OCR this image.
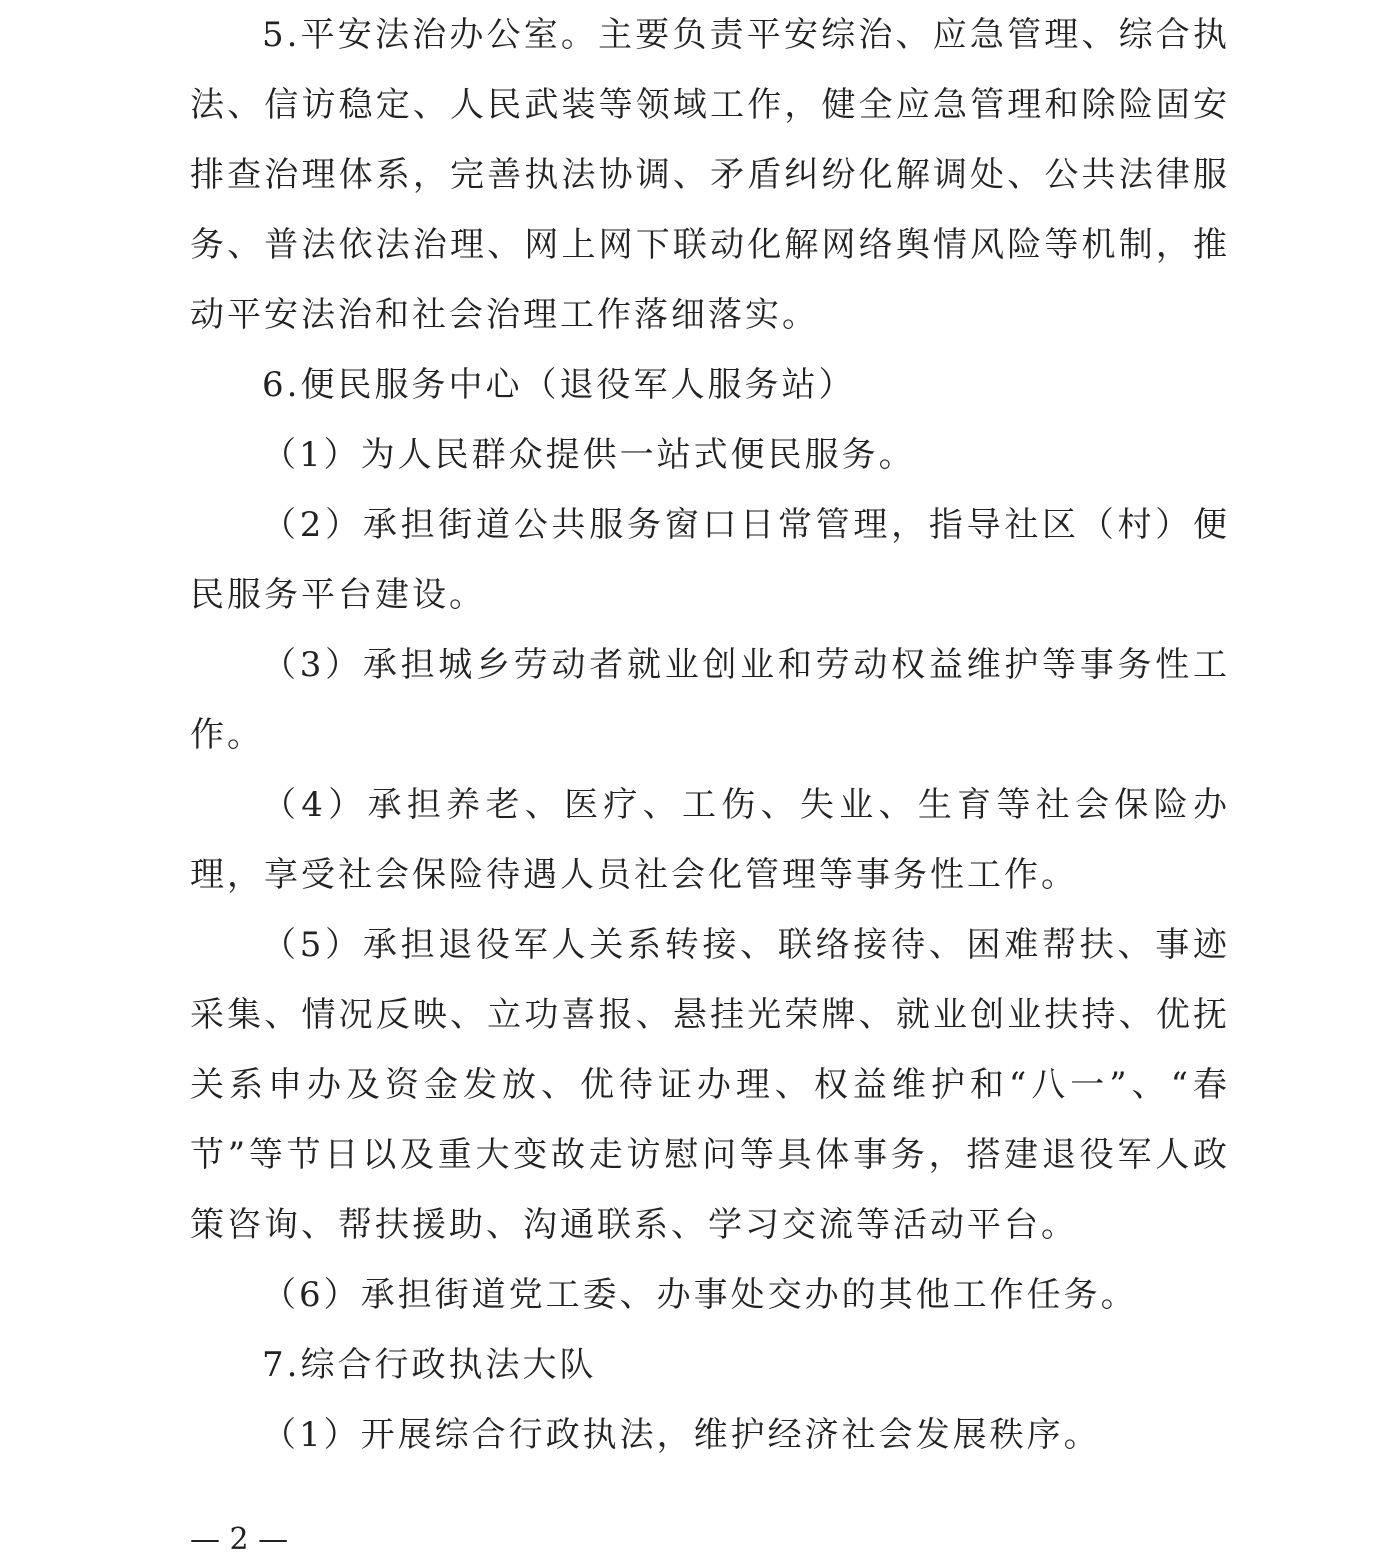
5.平安法治办公室。主要负责平安综治、应急管理、综合执法、信访稳定、人民武装等领域工作，健全应急管理和除险固安排查治理体系，完善执法协调、矛盾纠纷化解调处、公共法律服务、普法依法治理、网上网下联动化解网络舆情风险等机制，推动平安法治和社会治理工作落细落实。

6.便民服务中心（退役军人服务站）

（1）为人民群众提供一站式便民服务。

（2）承担街道公共服务窗口日常管理，指导社区（村）便民服务平台建设。

（3）承担城乡劳动者就业创业和劳动权益维护等事务性工作。

（4）承担养老、医疗、工伤、失业、生育等社会保险办理，享受社会保险待遇人员社会化管理等事务性工作。

（5）承担退役军人关系转接、联络接待、困难帮扶、事迹采集、情况反映、立功喜报、悬挂光荣牌、就业创业扶持、优抚关系申办及资金发放、优待证办理、权益维护和“八一”、“春节”等节日以及重大变故走访慰问等具体事务，搭建退役军人政策咨询、帮扶援助、沟通联系、学习交流等活动平台。

（6）承担街道党工委、办事处交办的其他工作任务。

7.综合行政执法大队

（1）开展综合行政执法，维护经济社会发展秩序。

— 2 —
